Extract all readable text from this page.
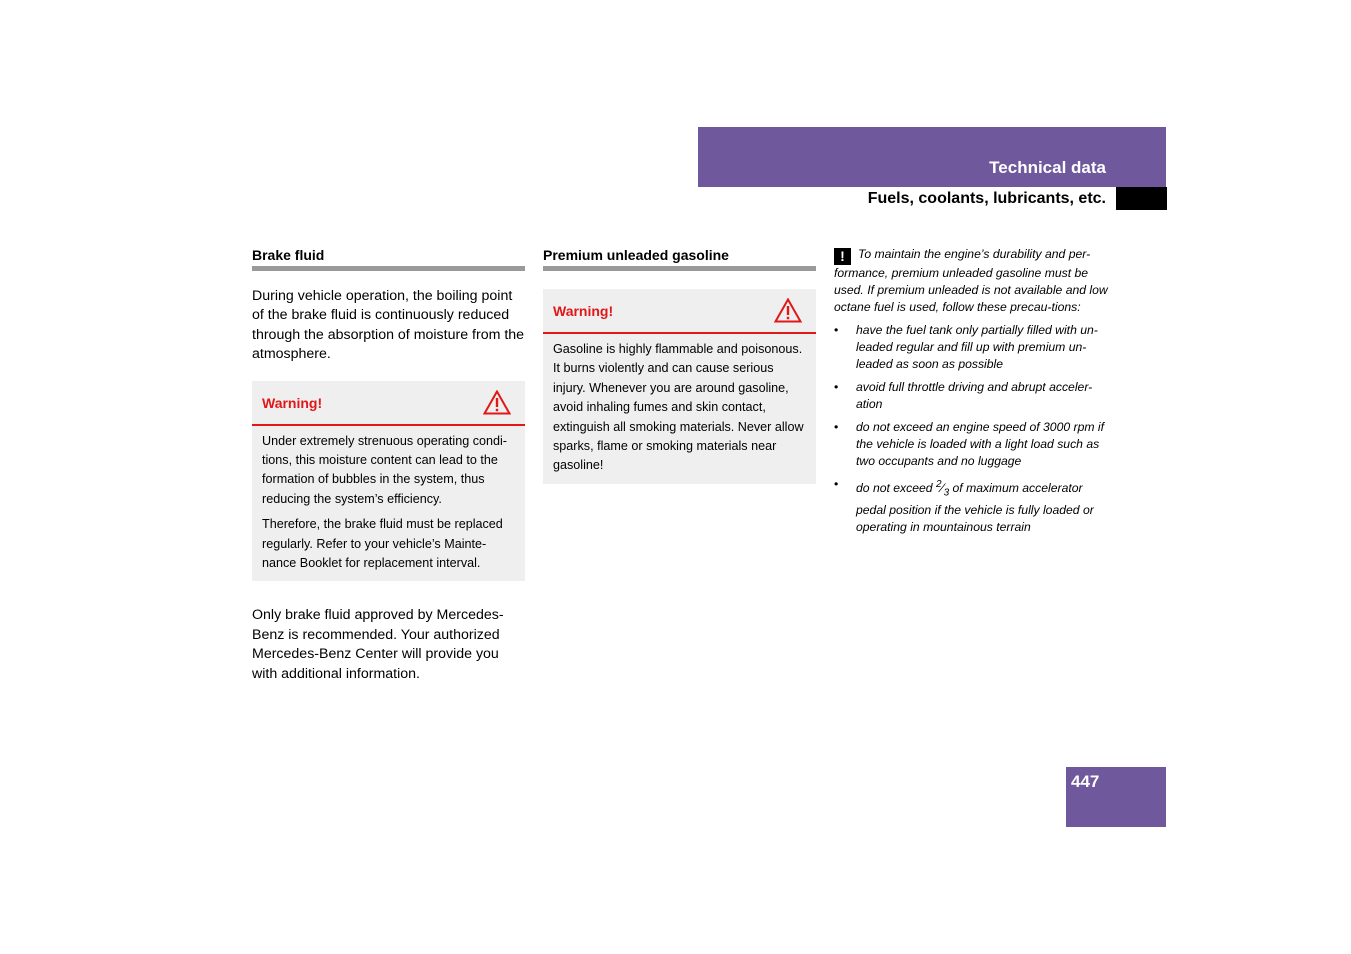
Technical data
Fuels, coolants, lubricants, etc.
Brake fluid

During vehicle operation, the boiling point of the brake fluid is continuously reduced through the absorption of moisture from the atmosphere.

Warning!

Under extremely strenuous operating condi-tions, this moisture content can lead to the formation of bubbles in the system, thus reducing the system’s efficiency.

Therefore, the brake fluid must be replaced regularly. Refer to your vehicle’s Mainte-nance Booklet for replacement interval.

Only brake fluid approved by Mercedes-Benz is recommended. Your authorized Mercedes-Benz Center will provide you with additional information.

Premium unleaded gasoline
Warning!

Gasoline is highly flammable and poisonous. It burns violently and can cause serious injury. Whenever you are around gasoline, avoid inhaling fumes and skin contact, extinguish all smoking materials. Never allow sparks, flame or smoking materials near gasoline!

! To maintain the engine’s durability and per-formance, premium unleaded gasoline must be used. If premium unleaded is not available and low octane fuel is used, follow these precau-tions:
• have the fuel tank only partially filled with un-leaded regular and fill up with premium un-leaded as soon as possible
• avoid full throttle driving and abrupt acceler-ation
• do not exceed an engine speed of 3000 rpm if the vehicle is loaded with a light load such as two occupants and no luggage
• do not exceed $^2⁄_3$ of maximum accelerator pedal position if the vehicle is fully loaded or operating in mountainous terrain
447
